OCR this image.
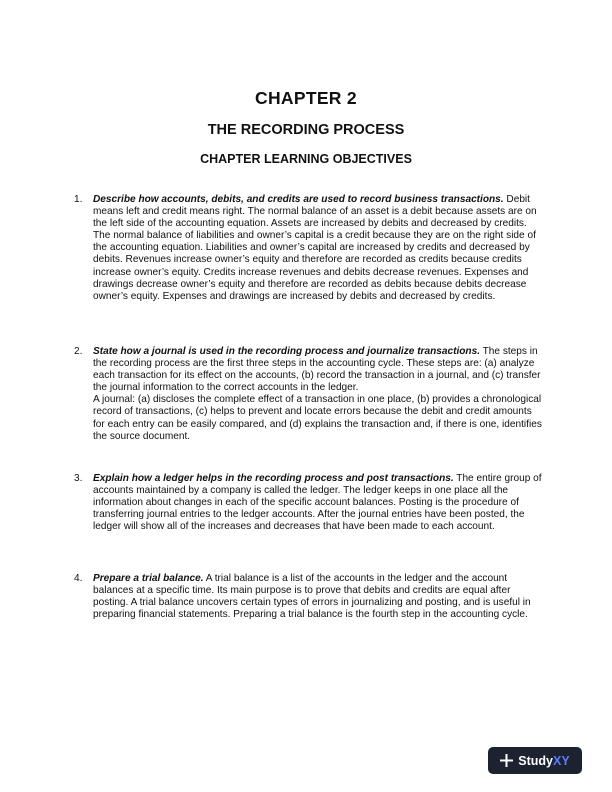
CHAPTER 2
THE RECORDING PROCESS
CHAPTER LEARNING OBJECTIVES
1. Describe how accounts, debits, and credits are used to record business transactions. Debit means left and credit means right. The normal balance of an asset is a debit because assets are on the left side of the accounting equation. Assets are increased by debits and decreased by credits. The normal balance of liabilities and owner’s capital is a credit because they are on the right side of the accounting equation. Liabilities and owner’s capital are increased by credits and decreased by debits. Revenues increase owner’s equity and therefore are recorded as credits because credits increase owner’s equity. Credits increase revenues and debits decrease revenues. Expenses and drawings decrease owner’s equity and therefore are recorded as debits because debits decrease owner’s equity. Expenses and drawings are increased by debits and decreased by credits.
2. State how a journal is used in the recording process and journalize transactions. The steps in the recording process are the first three steps in the accounting cycle. These steps are: (a) analyze each transaction for its effect on the accounts, (b) record the transaction in a journal, and (c) transfer the journal information to the correct accounts in the ledger.
A journal: (a) discloses the complete effect of a transaction in one place, (b) provides a chronological record of transactions, (c) helps to prevent and locate errors because the debit and credit amounts for each entry can be easily compared, and (d) explains the transaction and, if there is one, identifies the source document.
3. Explain how a ledger helps in the recording process and post transactions. The entire group of accounts maintained by a company is called the ledger. The ledger keeps in one place all the information about changes in each of the specific account balances. Posting is the procedure of transferring journal entries to the ledger accounts. After the journal entries have been posted, the ledger will show all of the increases and decreases that have been made to each account.
4. Prepare a trial balance. A trial balance is a list of the accounts in the ledger and the account balances at a specific time. Its main purpose is to prove that debits and credits are equal after posting. A trial balance uncovers certain types of errors in journalizing and posting, and is useful in preparing financial statements. Preparing a trial balance is the fourth step in the accounting cycle.
StudyXY
